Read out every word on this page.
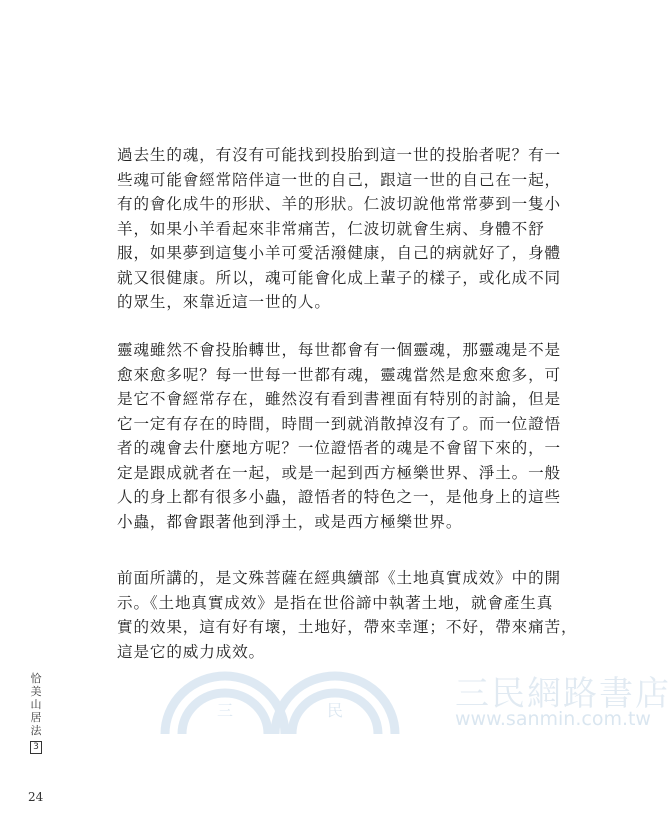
過去生的魂，有沒有可能找到投胎到這一世的投胎者呢？有一
些魂可能會經常陪伴這一世的自己，跟這一世的自己在一起，
有的會化成牛的形狀、羊的形狀。仁波切說他常常夢到一隻小
羊，如果小羊看起來非常痛苦，仁波切就會生病、身體不舒
服，如果夢到這隻小羊可愛活潑健康，自己的病就好了，身體
就又很健康。所以，魂可能會化成上輩子的樣子，或化成不同
的眾生，來靠近這一世的人。
靈魂雖然不會投胎轉世，每世都會有一個靈魂，那靈魂是不是
愈來愈多呢？每一世每一世都有魂，靈魂當然是愈來愈多，可
是它不會經常存在，雖然沒有看到書裡面有特別的討論，但是
它一定有存在的時間，時間一到就消散掉沒有了。而一位證悟
者的魂會去什麼地方呢？一位證悟者的魂是不會留下來的，一
定是跟成就者在一起，或是一起到西方極樂世界、淨土。一般
人的身上都有很多小蟲，證悟者的特色之一，是他身上的這些
小蟲，都會跟著他到淨土，或是西方極樂世界。
前面所講的，是文殊菩薩在經典續部《土地真實成效》中的開
示。《土地真實成效》是指在世俗諦中執著土地，就會產生真
實的效果，這有好有壞，土地好，帶來幸運；不好，帶來痛苦，
這是它的威力成效。
恰
美
山
居
法
3
24
三	民	三民網路書店
www.sanmin.com.tw
